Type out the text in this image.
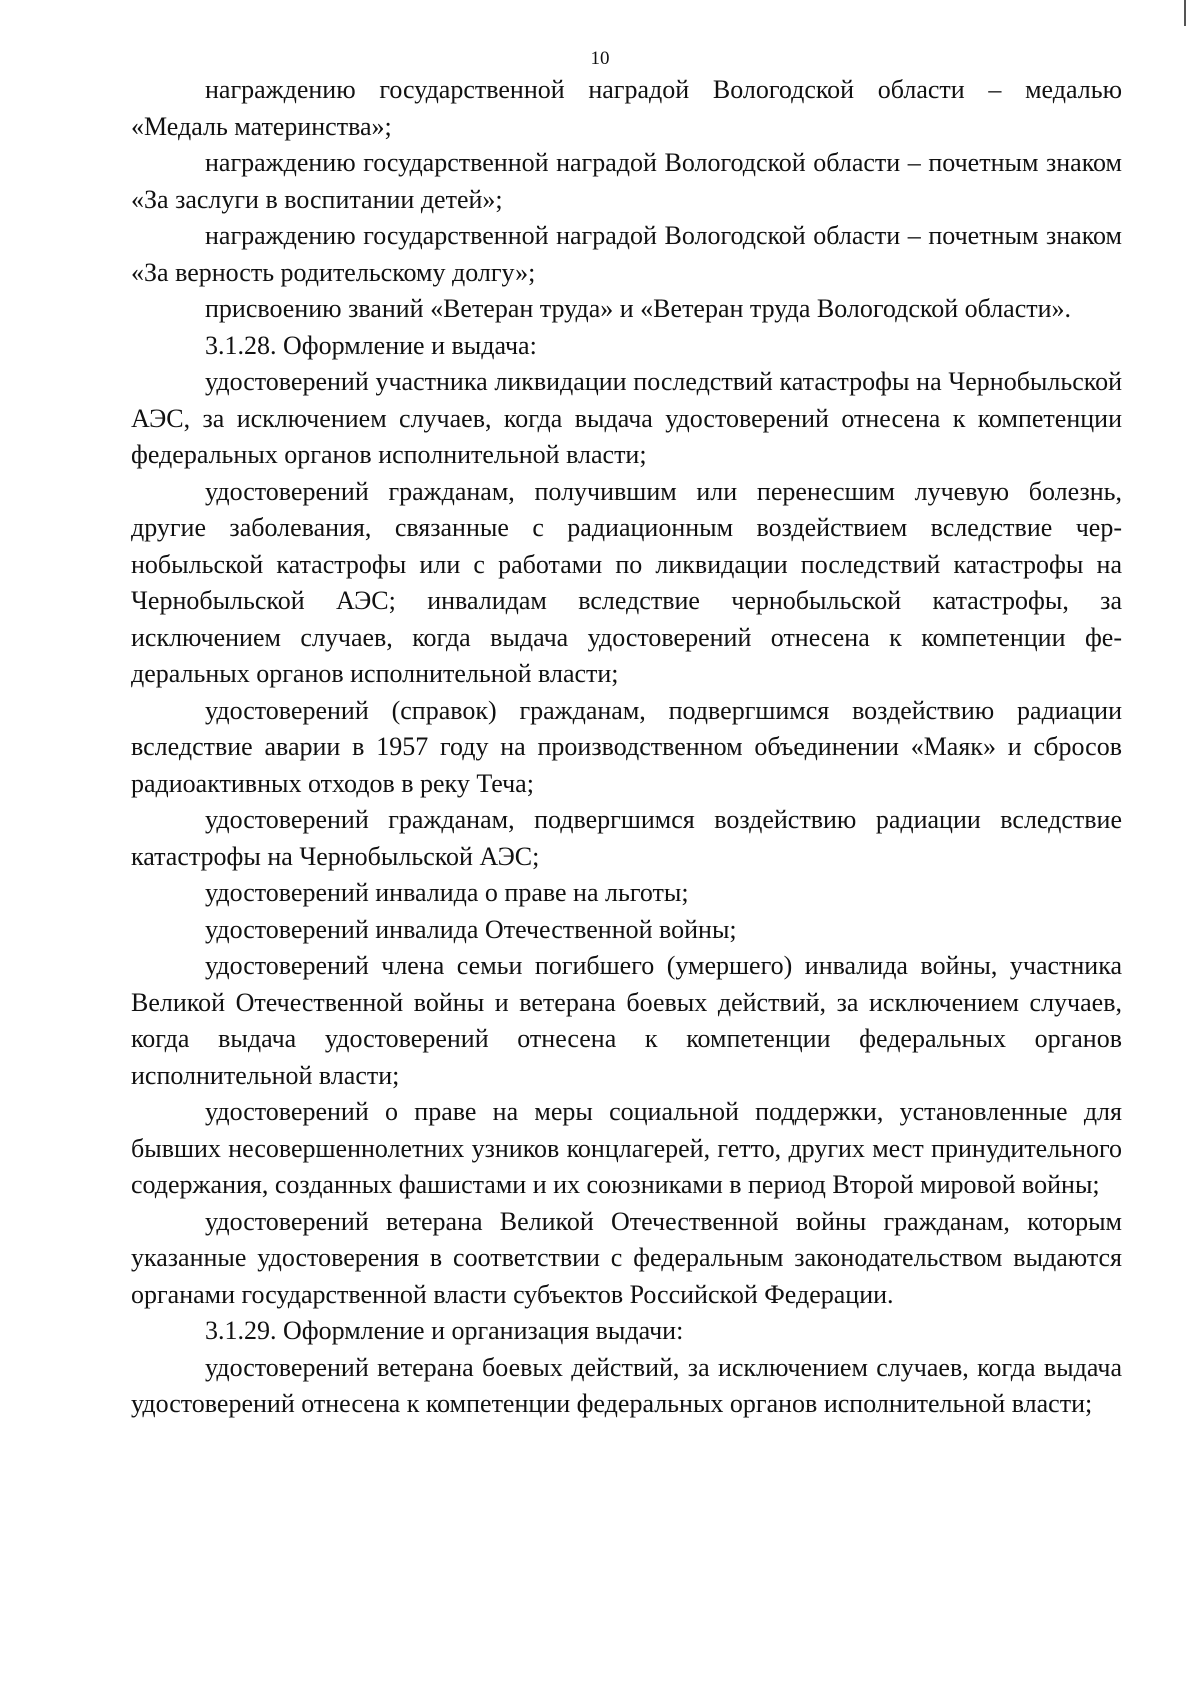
10

награждению государственной наградой Вологодской области – медалью «Медаль материнства»;

награждению государственной наградой Вологодской области – почетным знаком «За заслуги в воспитании детей»;

награждению государственной наградой Вологодской области – почетным знаком «За верность родительскому долгу»;

присвоению званий «Ветеран труда» и «Ветеран труда Вологодской области».

3.1.28. Оформление и выдача:

удостоверений участника ликвидации последствий катастрофы на Чернобыльской АЭС, за исключением случаев, когда выдача удостоверений отнесена к компетенции федеральных органов исполнительной власти;

удостоверений гражданам, получившим или перенесшим лучевую болезнь, другие заболевания, связанные с радиационным воздействием вследствие чернобыльской катастрофы или с работами по ликвидации последствий катастрофы на Чернобыльской АЭС; инвалидам вследствие чернобыльской катастрофы, за исключением случаев, когда выдача удостоверений отнесена к компетенции федеральных органов исполнительной власти;

удостоверений (справок) гражданам, подвергшимся воздействию радиации вследствие аварии в 1957 году на производственном объединении «Маяк» и сбросов радиоактивных отходов в реку Теча;

удостоверений гражданам, подвергшимся воздействию радиации вследствие катастрофы на Чернобыльской АЭС;

удостоверений инвалида о праве на льготы;

удостоверений инвалида Отечественной войны;

удостоверений члена семьи погибшего (умершего) инвалида войны, участника Великой Отечественной войны и ветерана боевых действий, за исключением случаев, когда выдача удостоверений отнесена к компетенции федеральных органов исполнительной власти;

удостоверений о праве на меры социальной поддержки, установленные для бывших несовершеннолетних узников концлагерей, гетто, других мест принудительного содержания, созданных фашистами и их союзниками в период Второй мировой войны;

удостоверений ветерана Великой Отечественной войны гражданам, которым указанные удостоверения в соответствии с федеральным законодательством выдаются органами государственной власти субъектов Российской Федерации.

3.1.29. Оформление и организация выдачи:

удостоверений ветерана боевых действий, за исключением случаев, когда выдача удостоверений отнесена к компетенции федеральных органов исполнительной власти;
